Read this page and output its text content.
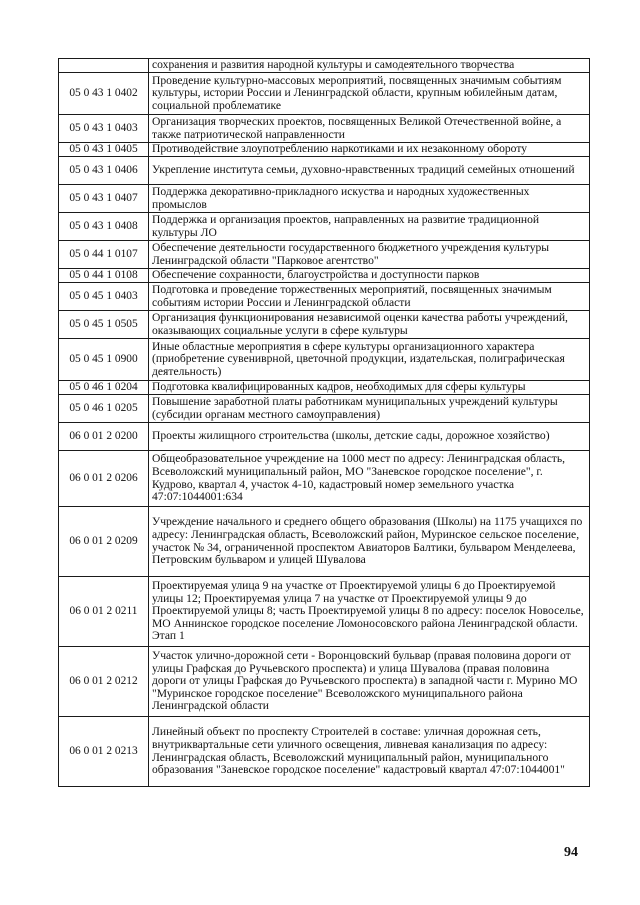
	сохранения и развития народной культуры и самодеятельного творчества
05 0 43 1 0402	Проведение культурно-массовых мероприятий, посвященных значимым событиям культуры, истории России и Ленинградской области, крупным юбилейным датам, социальной проблематике
05 0 43 1 0403	Организация творческих проектов, посвященных Великой Отечественной войне, а также патриотической направленности
05 0 43 1 0405	Противодействие злоупотреблению наркотиками и их незаконному обороту
05 0 43 1 0406	Укрепление института семьи, духовно-нравственных традиций семейных отношений
05 0 43 1 0407	Поддержка декоративно-прикладного искуства и народных художественных промыслов
05 0 43 1 0408	Поддержка и организация проектов, направленных на развитие традиционной культуры ЛО
05 0 44 1 0107	Обеспечение деятельности государственного бюджетного учреждения культуры Ленинградской области "Парковое агентство"
05 0 44 1 0108	Обеспечение сохранности, благоустройства и доступности парков
05 0 45 1 0403	Подготовка и проведение торжественных мероприятий, посвященных значимым событиям истории России и Ленинградской области
05 0 45 1 0505	Организация функционирования независимой оценки качества работы учреждений, оказывающих социальные услуги в сфере культуры
05 0 45 1 0900	Иные областные мероприятия в сфере культуры организационного характера (приобретение сувениврной, цветочной продукции, издательская, полиграфическая деятельность)
05 0 46 1 0204	Подготовка квалифицированных кадров, необходимых для сферы культуры
05 0 46 1 0205	Повышение заработной платы работникам муниципальных учреждений культуры (субсидии органам местного самоуправления)
06 0 01 2 0200	Проекты жилищного строительства (школы, детские сады, дорожное хозяйство)
06 0 01 2 0206	Общеобразовательное учреждение на 1000 мест по адресу: Ленинградская область, Всеволожский муниципальный район, МО "Заневское городское поселение", г. Кудрово, квартал 4, участок 4-10, кадастровый номер земельного участка 47:07:1044001:634
06 0 01 2 0209	Учреждение начального и среднего общего образования (Школы) на 1175 учащихся по адресу: Ленинградская область, Всеволожский район, Муринское сельское поселение, участок № 34, ограниченной проспектом Авиаторов Балтики, бульваром Менделеева, Петровским бульваром и улицей Шувалова
06 0 01 2 0211	Проектируемая улица 9 на участке от Проектируемой улицы 6 до Проектируемой улицы 12; Проектируемая улица 7 на участке от Проектируемой улицы 9 до Проектируемой улицы 8; часть Проектируемой улицы 8 по адресу: поселок Новоселье, МО Аннинское городское поселение Ломоносовского района Ленинградской области. Этап 1
06 0 01 2 0212	Участок улично-дорожной сети - Воронцовский бульвар (правая половина дороги от улицы Графская до Ручьевского проспекта) и улица Шувалова (правая половина дороги от улицы Графская до Ручьевского проспекта) в западной части г. Мурино МО "Муринское городское поселение" Всеволожского муниципального района Ленинградской области
06 0 01 2 0213	Линейный объект по проспекту Строителей в составе: уличная дорожная сеть, внутриквартальные сети уличного освещения, ливневая канализация по адресу: Ленинградская область, Всеволожский муниципальный район, муниципального образования "Заневское городское поселение" кадастровый квартал 47:07:1044001"
94
